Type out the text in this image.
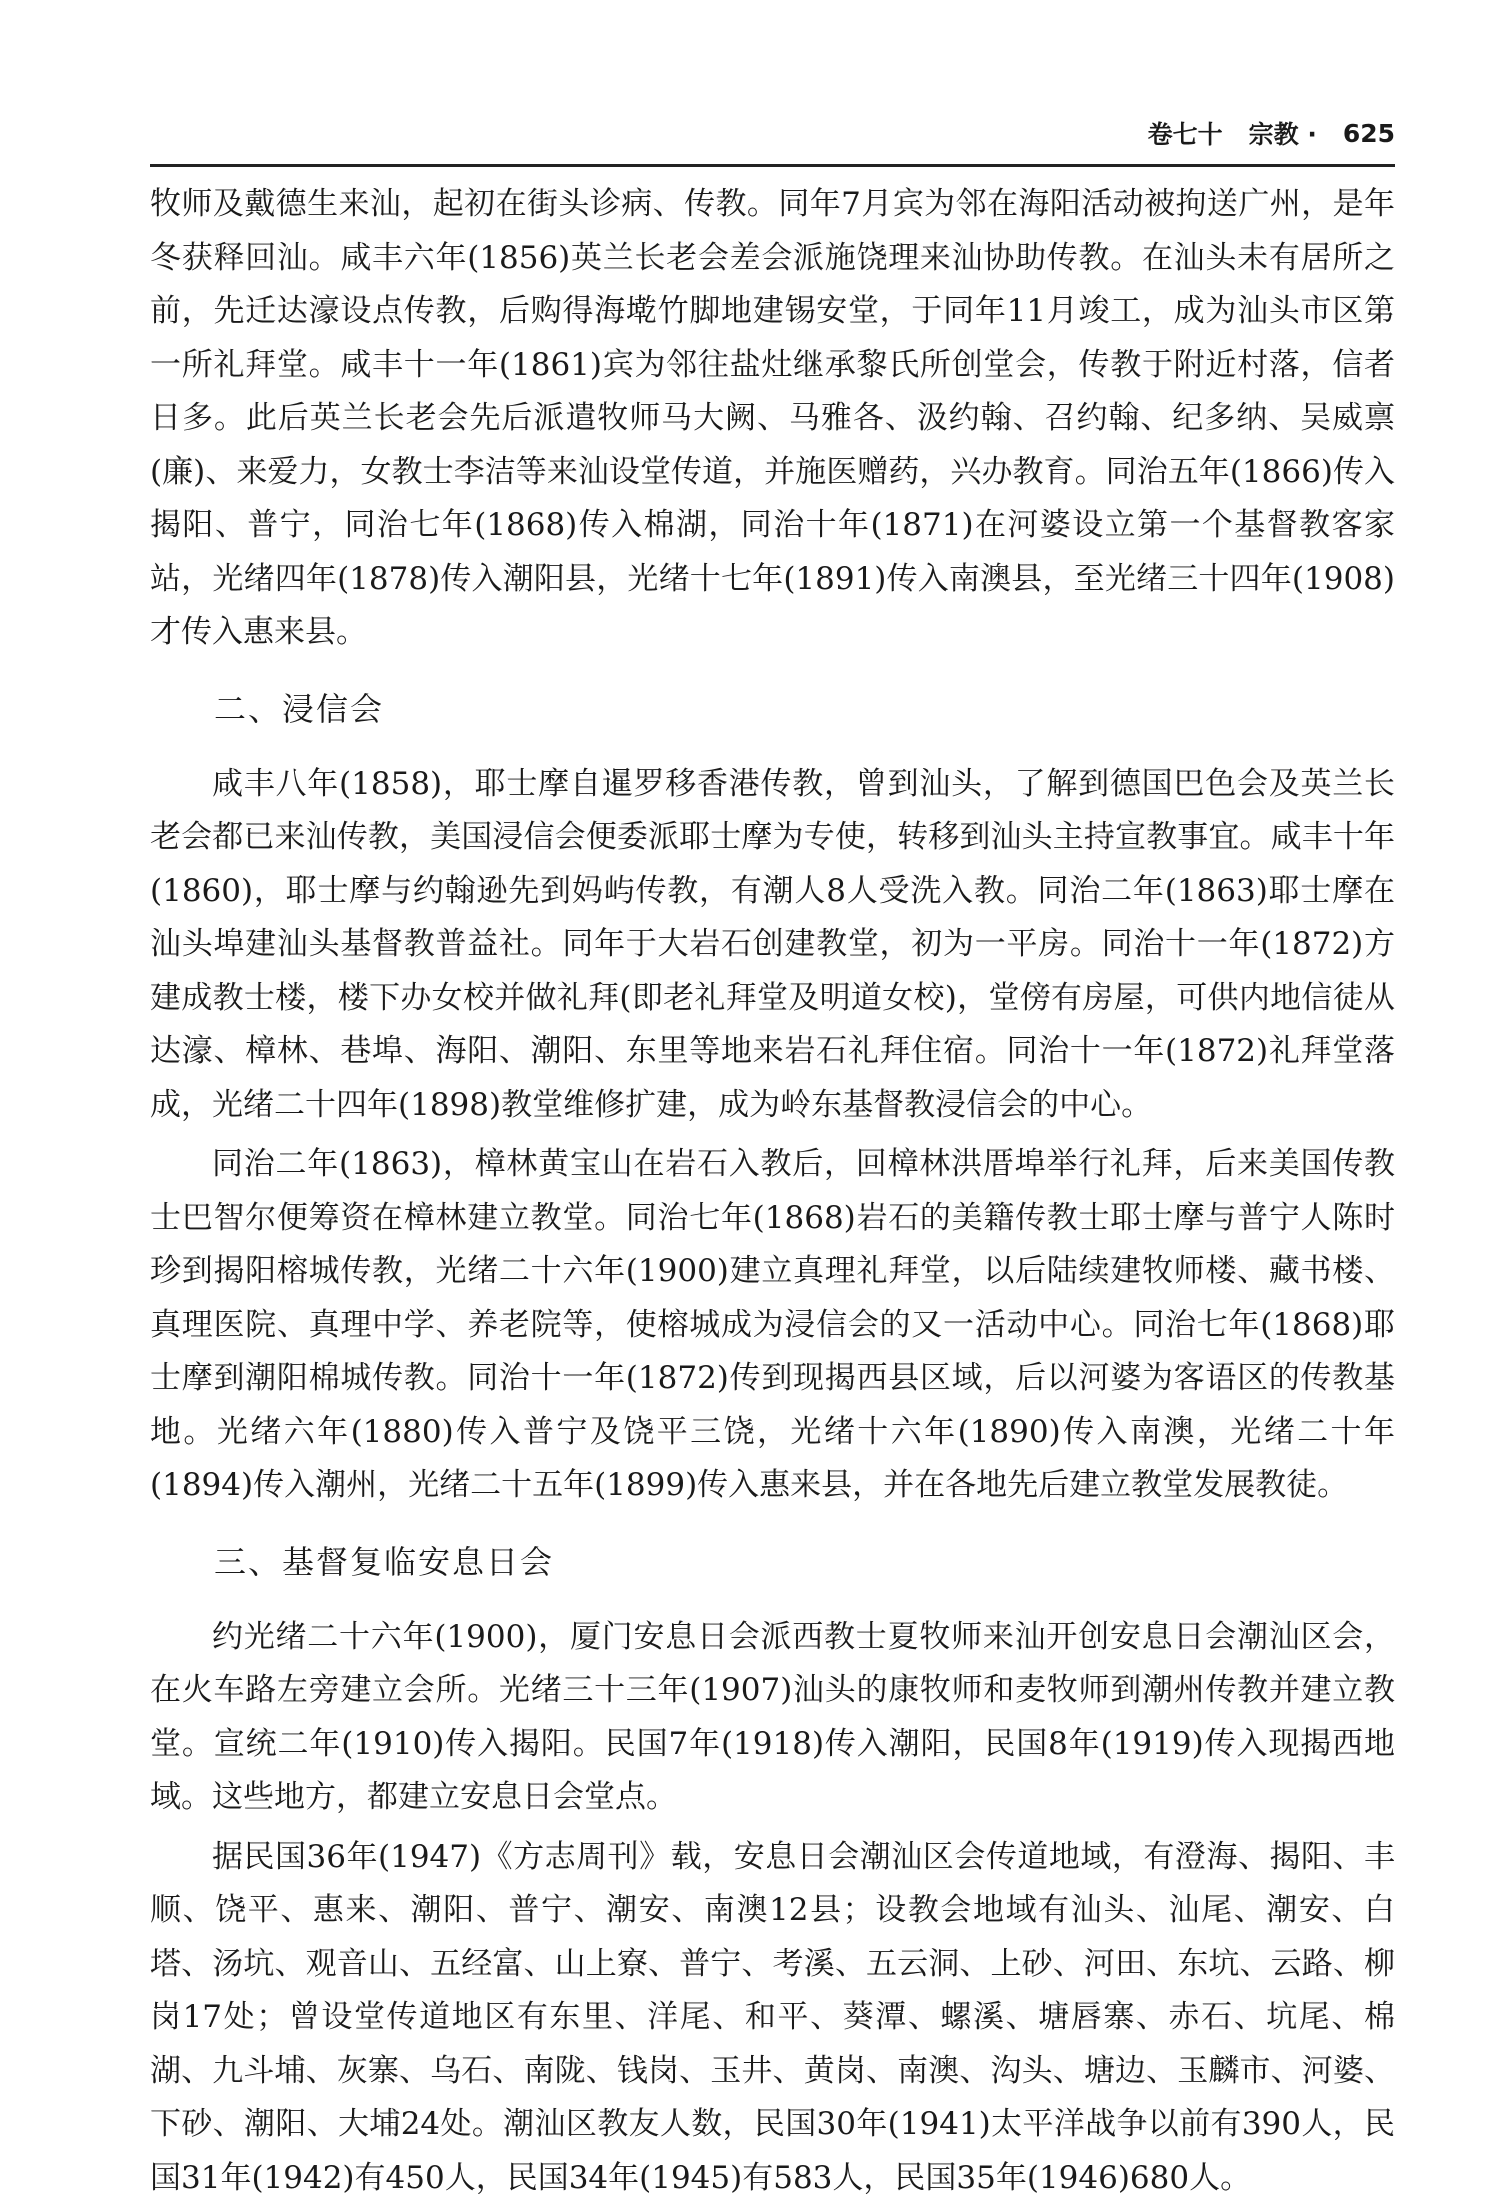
卷七十 宗教 · 625

牧师及戴德生来汕，起初在街头诊病、传教。同年7月宾为邻在海阳活动被拘送广州，是年冬获释回汕。咸丰六年(1856)英兰长老会差会派施饶理来汕协助传教。在汕头未有居所之前，先迁达濠设点传教，后购得海墘竹脚地建锡安堂，于同年11月竣工，成为汕头市区第一所礼拜堂。咸丰十一年(1861)宾为邻往盐灶继承黎氏所创堂会，传教于附近村落，信者日多。此后英兰长老会先后派遣牧师马大阙、马雅各、汲约翰、召约翰、纪多纳、吴威禀(廉)、来爱力，女教士李洁等来汕设堂传道，并施医赠药，兴办教育。同治五年(1866)传入揭阳、普宁，同治七年(1868)传入棉湖，同治十年(1871)在河婆设立第一个基督教客家站，光绪四年(1878)传入潮阳县，光绪十七年(1891)传入南澳县，至光绪三十四年(1908)才传入惠来县。

二、浸信会

咸丰八年(1858)，耶士摩自暹罗移香港传教，曾到汕头，了解到德国巴色会及英兰长老会都已来汕传教，美国浸信会便委派耶士摩为专使，转移到汕头主持宣教事宜。咸丰十年(1860)，耶士摩与约翰逊先到妈屿传教，有潮人8人受洗入教。同治二年(1863)耶士摩在汕头埠建汕头基督教普益社。同年于大岩石创建教堂，初为一平房。同治十一年(1872)方建成教士楼，楼下办女校并做礼拜(即老礼拜堂及明道女校)，堂傍有房屋，可供内地信徒从达濠、樟林、巷埠、海阳、潮阳、东里等地来岩石礼拜住宿。同治十一年(1872)礼拜堂落成，光绪二十四年(1898)教堂维修扩建，成为岭东基督教浸信会的中心。

同治二年(1863)，樟林黄宝山在岩石入教后，回樟林洪厝埠举行礼拜，后来美国传教士巴智尔便筹资在樟林建立教堂。同治七年(1868)岩石的美籍传教士耶士摩与普宁人陈时珍到揭阳榕城传教，光绪二十六年(1900)建立真理礼拜堂，以后陆续建牧师楼、藏书楼、真理医院、真理中学、养老院等，使榕城成为浸信会的又一活动中心。同治七年(1868)耶士摩到潮阳棉城传教。同治十一年(1872)传到现揭西县区域，后以河婆为客语区的传教基地。光绪六年(1880)传入普宁及饶平三饶，光绪十六年(1890)传入南澳，光绪二十年(1894)传入潮州，光绪二十五年(1899)传入惠来县，并在各地先后建立教堂发展教徒。

三、基督复临安息日会

约光绪二十六年(1900)，厦门安息日会派西教士夏牧师来汕开创安息日会潮汕区会，在火车路左旁建立会所。光绪三十三年(1907)汕头的康牧师和麦牧师到潮州传教并建立教堂。宣统二年(1910)传入揭阳。民国7年(1918)传入潮阳，民国8年(1919)传入现揭西地域。这些地方，都建立安息日会堂点。

据民国36年(1947)《方志周刊》载，安息日会潮汕区会传道地域，有澄海、揭阳、丰顺、饶平、惠来、潮阳、普宁、潮安、南澳12县；设教会地域有汕头、汕尾、潮安、白塔、汤坑、观音山、五经富、山上寮、普宁、考溪、五云洞、上砂、河田、东坑、云路、柳岗17处；曾设堂传道地区有东里、洋尾、和平、葵潭、螺溪、塘唇寨、赤石、坑尾、棉湖、九斗埔、灰寨、乌石、南陇、钱岗、玉井、黄岗、南澳、沟头、塘边、玉麟市、河婆、下砂、潮阳、大埔24处。潮汕区教友人数，民国30年(1941)太平洋战争以前有390人，民国31年(1942)有450人，民国34年(1945)有583人，民国35年(1946)680人。
